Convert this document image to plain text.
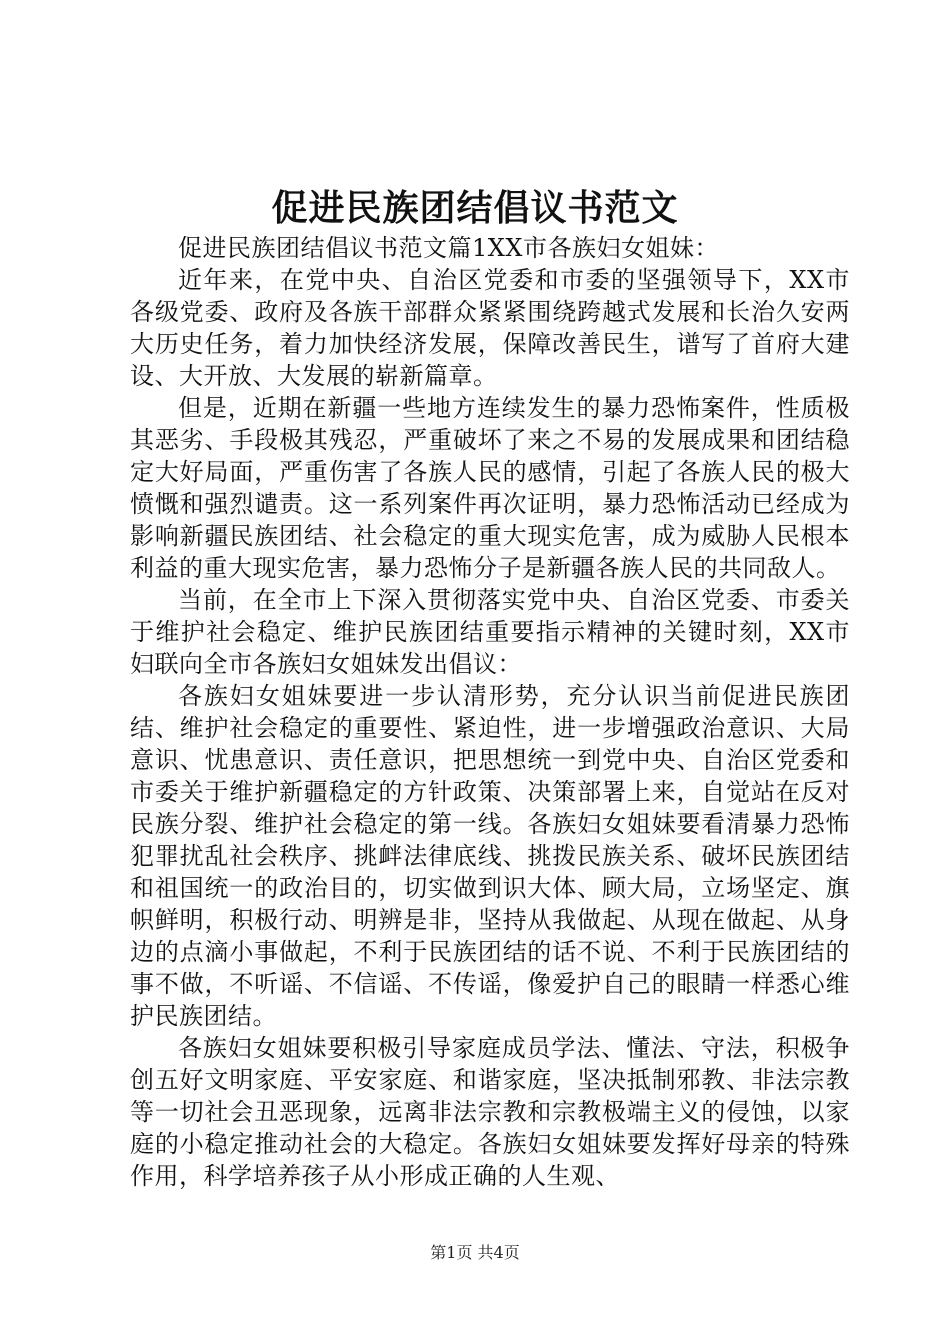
促进民族团结倡议书范文

促进民族团结倡议书范文篇1XX市各族妇女姐妹：

近年来，在党中央、自治区党委和市委的坚强领导下，XX市各级党委、政府及各族干部群众紧紧围绕跨越式发展和长治久安两大历史任务，着力加快经济发展，保障改善民生，谱写了首府大建设、大开放、大发展的崭新篇章。

但是，近期在新疆一些地方连续发生的暴力恐怖案件，性质极其恶劣、手段极其残忍，严重破坏了来之不易的发展成果和团结稳定大好局面，严重伤害了各族人民的感情，引起了各族人民的极大愤慨和强烈谴责。这一系列案件再次证明，暴力恐怖活动已经成为影响新疆民族团结、社会稳定的重大现实危害，成为威胁人民根本利益的重大现实危害，暴力恐怖分子是新疆各族人民的共同敌人。

当前，在全市上下深入贯彻落实党中央、自治区党委、市委关于维护社会稳定、维护民族团结重要指示精神的关键时刻，XX市妇联向全市各族妇女姐妹发出倡议：

各族妇女姐妹要进一步认清形势，充分认识当前促进民族团结、维护社会稳定的重要性、紧迫性，进一步增强政治意识、大局意识、忧患意识、责任意识，把思想统一到党中央、自治区党委和市委关于维护新疆稳定的方针政策、决策部署上来，自觉站在反对民族分裂、维护社会稳定的第一线。各族妇女姐妹要看清暴力恐怖犯罪扰乱社会秩序、挑衅法律底线、挑拨民族关系、破坏民族团结和祖国统一的政治目的，切实做到识大体、顾大局，立场坚定、旗帜鲜明，积极行动、明辨是非，坚持从我做起、从现在做起、从身边的点滴小事做起，不利于民族团结的话不说、不利于民族团结的事不做，不听谣、不信谣、不传谣，像爱护自己的眼睛一样悉心维护民族团结。

各族妇女姐妹要积极引导家庭成员学法、懂法、守法，积极争创五好文明家庭、平安家庭、和谐家庭，坚决抵制邪教、非法宗教等一切社会丑恶现象，远离非法宗教和宗教极端主义的侵蚀，以家庭的小稳定推动社会的大稳定。各族妇女姐妹要发挥好母亲的特殊作用，科学培养孩子从小形成正确的人生观、

第1页 共4页
